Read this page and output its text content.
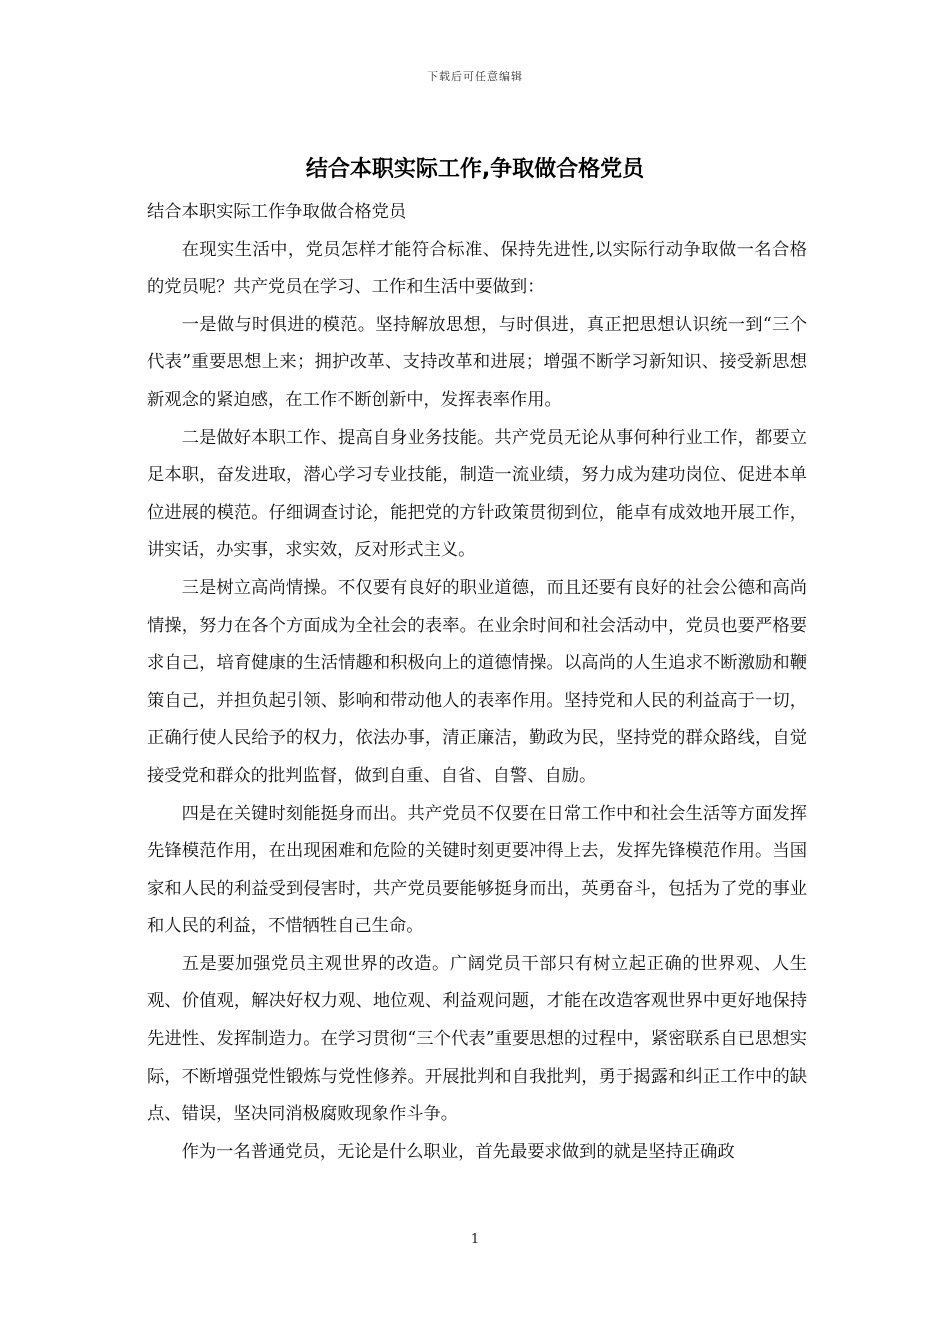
下载后可任意编辑
结合本职实际工作,争取做合格党员

结合本职实际工作争取做合格党员

在现实生活中，党员怎样才能符合标准、保持先进性,以实际行动争取做一名合格的党员呢？共产党员在学习、工作和生活中要做到：

一是做与时俱进的模范。坚持解放思想，与时俱进，真正把思想认识统一到“三个代表”重要思想上来；拥护改革、支持改革和进展；增强不断学习新知识、接受新思想新观念的紧迫感，在工作不断创新中，发挥表率作用。

二是做好本职工作、提高自身业务技能。共产党员无论从事何种行业工作，都要立足本职，奋发进取，潜心学习专业技能，制造一流业绩，努力成为建功岗位、促进本单位进展的模范。仔细调查讨论，能把党的方针政策贯彻到位，能卓有成效地开展工作，讲实话，办实事，求实效，反对形式主义。

三是树立高尚情操。不仅要有良好的职业道德，而且还要有良好的社会公德和高尚情操，努力在各个方面成为全社会的表率。在业余时间和社会活动中，党员也要严格要求自己，培育健康的生活情趣和积极向上的道德情操。以高尚的人生追求不断激励和鞭策自己，并担负起引领、影响和带动他人的表率作用。坚持党和人民的利益高于一切，正确行使人民给予的权力，依法办事，清正廉洁，勤政为民，坚持党的群众路线，自觉接受党和群众的批判监督，做到自重、自省、自警、自励。

四是在关键时刻能挺身而出。共产党员不仅要在日常工作中和社会生活等方面发挥先锋模范作用，在出现困难和危险的关键时刻更要冲得上去，发挥先锋模范作用。当国家和人民的利益受到侵害时，共产党员要能够挺身而出，英勇奋斗，包括为了党的事业和人民的利益，不惜牺牲自己生命。

五是要加强党员主观世界的改造。广阔党员干部只有树立起正确的世界观、人生观、价值观，解决好权力观、地位观、利益观问题，才能在改造客观世界中更好地保持先进性、发挥制造力。在学习贯彻“三个代表”重要思想的过程中，紧密联系自已思想实际，不断增强党性锻炼与党性修养。开展批判和自我批判，勇于揭露和纠正工作中的缺点、错误，坚决同消极腐败现象作斗争。

作为一名普通党员，无论是什么职业，首先最要求做到的就是坚持正确政

1
